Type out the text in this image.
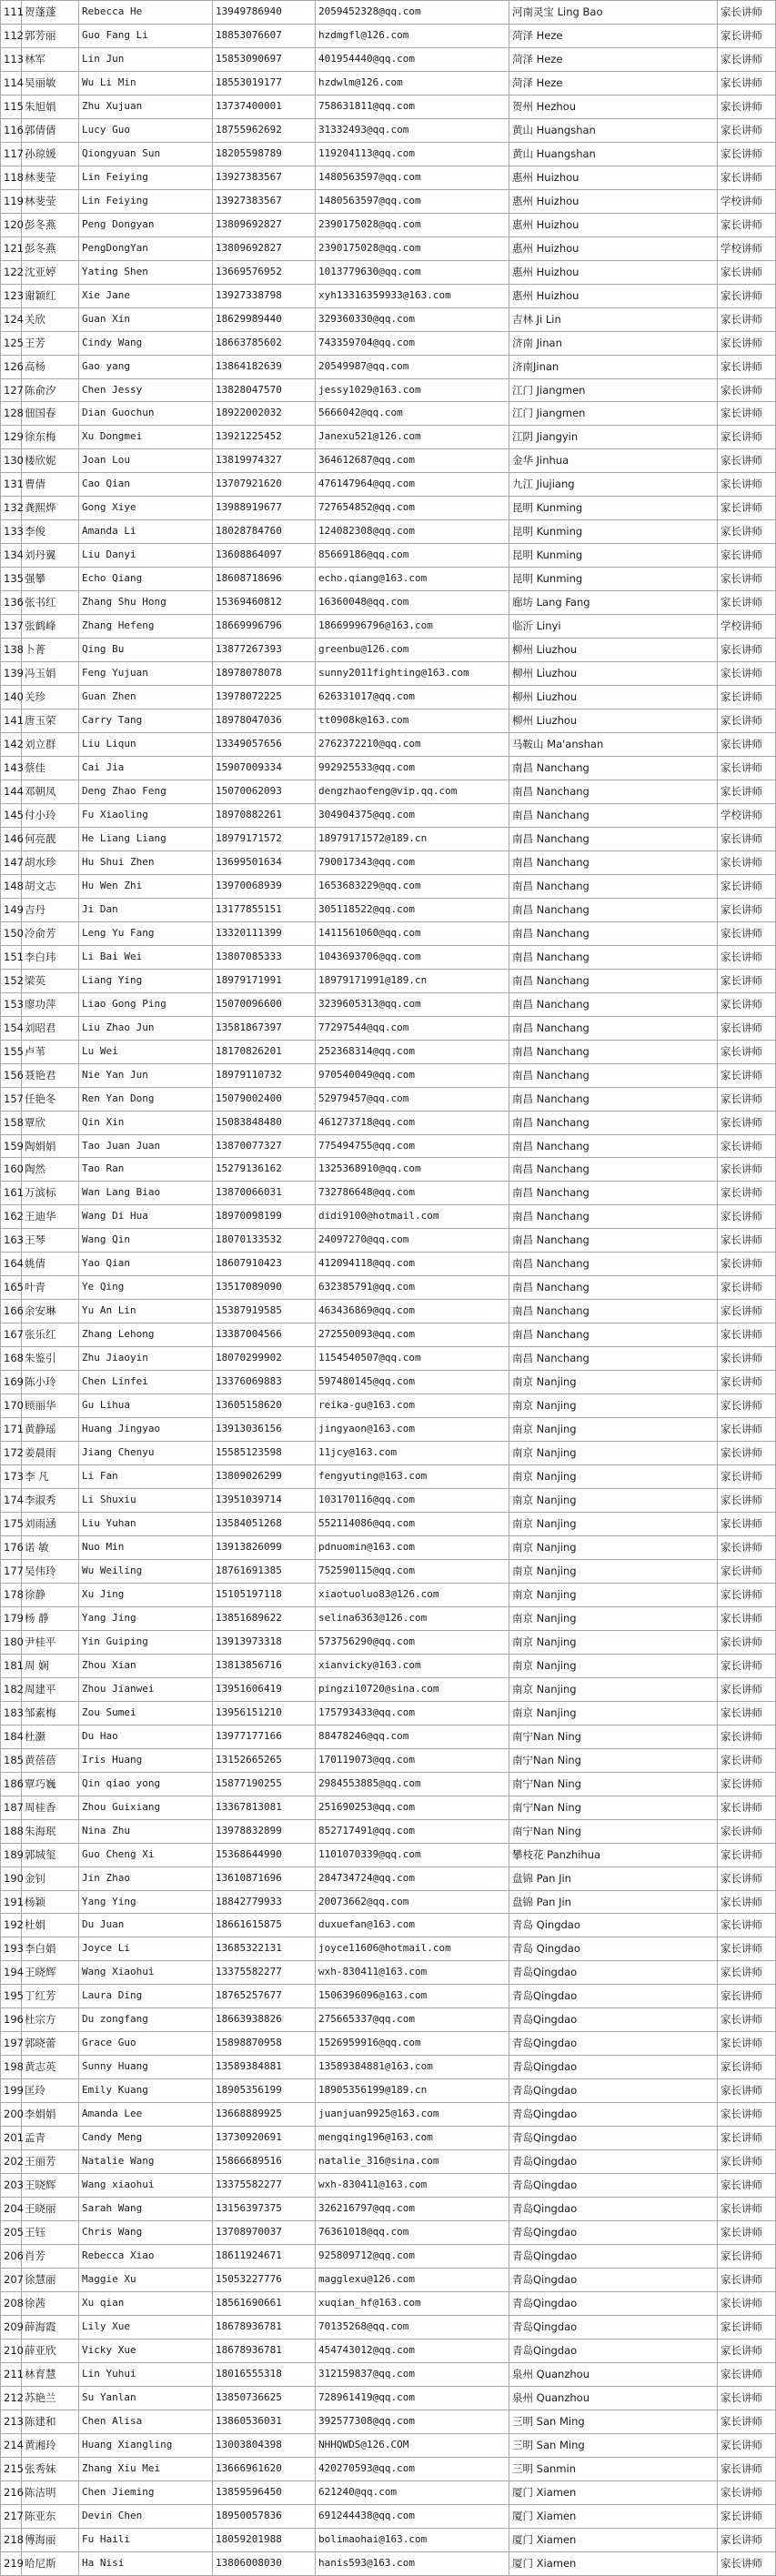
111	贺蓬蓬	Rebecca He	13949786940	2059452328@qq.com	河南灵宝 Ling Bao	家长讲师
112	郭芳丽	Guo Fang Li	18853076607	hzdmgfl@126.com	菏泽 Heze	家长讲师
113	林军	Lin Jun	15853090697	401954440@qq.com	菏泽 Heze	家长讲师
114	吴丽敏	Wu Li Min	18553019177	hzdwlm@126.com	菏泽 Heze	家长讲师
115	朱旭娟	Zhu Xujuan	13737400001	758631811@qq.com	贺州 Hezhou	家长讲师
116	郭倩倩	Lucy Guo	18755962692	31332493@qq.com	黄山 Huangshan	家长讲师
117	孙琼媛	Qiongyuan Sun	18205598789	119204113@qq.com	黄山 Huangshan	家长讲师
118	林斐莹	Lin Feiying	13927383567	1480563597@qq.com	惠州 Huizhou	家长讲师
119	林斐莹	Lin Feiying	13927383567	1480563597@qq.com	惠州 Huizhou	学校讲师
120	彭冬燕	Peng Dongyan	13809692827	2390175028@qq.com	惠州 Huizhou	家长讲师
121	彭冬燕	PengDongYan	13809692827	2390175028@qq.com	惠州 Huizhou	学校讲师
122	沈亚婷	Yating Shen	13669576952	1013779630@qq.com	惠州 Huizhou	家长讲师
123	谢颖红	Xie Jane	13927338798	xyh13316359933@163.com	惠州 Huizhou	家长讲师
124	关欣	Guan Xin	18629989440	329360330@qq.com	吉林 Ji Lin	家长讲师
125	王芳	Cindy Wang	18663785602	743359704@qq.com	济南 Jinan	家长讲师
126	高杨	Gao yang	13864182639	20549987@qq.com	济南Jinan	家长讲师
127	陈俞汐	Chen Jessy	13828047570	jessy1029@163.com	江门 Jiangmen	家长讲师
128	佃国春	Dian Guochun	18922002032	5666042@qq.com	江门 Jiangmen	家长讲师
129	徐东梅	Xu Dongmei	13921225452	Janexu521@126.com	江阴 Jiangyin	家长讲师
130	楼欣妮	Joan Lou	13819974327	364612687@qq.com	金华 Jinhua	家长讲师
131	曹倩	Cao Qian	13707921620	476147964@qq.com	九江 Jiujiang	家长讲师
132	龚熙烨	Gong Xiye	13988919677	727654852@qq.com	昆明 Kunming	家长讲师
133	李俊	Amanda Li	18028784760	124082308@qq.com	昆明 Kunming	家长讲师
134	刘丹翼	Liu Danyi	13608864097	85669186@qq.com	昆明 Kunming	家长讲师
135	强攀	Echo Qiang	18608718696	echo.qiang@163.com	昆明 Kunming	家长讲师
136	张书红	Zhang Shu Hong	15369460812	16360048@qq.com	廊坊 Lang Fang	家长讲师
137	张鹤峰	Zhang Hefeng	18669996796	18669996796@163.com	临沂 Linyi	学校讲师
138	卜菁	Qing Bu	13877267393	greenbu@126.com	柳州 Liuzhou	家长讲师
139	冯玉娟	Feng Yujuan	18978078078	sunny2011fighting@163.com	柳州 Liuzhou	家长讲师
140	关珍	Guan Zhen	13978072225	626331017@qq.com	柳州 Liuzhou	家长讲师
141	唐玉荣	Carry Tang	18978047036	tt0908k@163.com	柳州 Liuzhou	家长讲师
142	刘立群	Liu Liqun	13349057656	2762372210@qq.com	马鞍山 Ma'anshan	家长讲师
143	蔡佳	Cai Jia	15907009334	992925533@qq.com	南昌 Nanchang	家长讲师
144	邓朝凤	Deng Zhao Feng	15070062093	dengzhaofeng@vip.qq.com	南昌 Nanchang	家长讲师
145	付小玲	Fu Xiaoling	18970882261	304904375@qq.com	南昌 Nanchang	学校讲师
146	何亮靓	He Liang Liang	18979171572	18979171572@189.cn	南昌 Nanchang	家长讲师
147	胡水珍	Hu Shui Zhen	13699501634	790017343@qq.com	南昌 Nanchang	家长讲师
148	胡文志	Hu Wen Zhi	13970068939	1653683229@qq.com	南昌 Nanchang	家长讲师
149	吉丹	Ji Dan	13177855151	305118522@qq.com	南昌 Nanchang	家长讲师
150	冷俞芳	Leng Yu Fang	13320111399	1411561060@qq.com	南昌 Nanchang	家长讲师
151	李白玮	Li Bai Wei	13807085333	1043693706@qq.com	南昌 Nanchang	家长讲师
152	梁英	Liang Ying	18979171991	18979171991@189.cn	南昌 Nanchang	家长讲师
153	廖功萍	Liao Gong Ping	15070096600	3239605313@qq.com	南昌 Nanchang	家长讲师
154	刘昭君	Liu Zhao Jun	13581867397	77297544@qq.com	南昌 Nanchang	家长讲师
155	卢苇	Lu Wei	18170826201	252368314@qq.com	南昌 Nanchang	家长讲师
156	聂艳君	Nie Yan Jun	18979110732	970540049@qq.com	南昌 Nanchang	家长讲师
157	任艳冬	Ren Yan Dong	15079002400	52979457@qq.com	南昌 Nanchang	家长讲师
158	覃欣	Qin Xin	15083848480	461273718@qq.com	南昌 Nanchang	家长讲师
159	陶娟娟	Tao Juan Juan	13870077327	775494755@qq.com	南昌 Nanchang	家长讲师
160	陶然	Tao Ran	15279136162	1325368910@qq.com	南昌 Nanchang	家长讲师
161	万滨标	Wan Lang Biao	13870066031	732786648@qq.com	南昌 Nanchang	家长讲师
162	王迪华	Wang Di Hua	18970098199	didi9100@hotmail.com	南昌 Nanchang	家长讲师
163	王琴	Wang Qin	18070133532	24097270@qq.com	南昌 Nanchang	家长讲师
164	姚倩	Yao Qian	18607910423	412094118@qq.com	南昌 Nanchang	家长讲师
165	叶青	Ye Qing	13517089090	632385791@qq.com	南昌 Nanchang	家长讲师
166	余安琳	Yu An Lin	15387919585	463436869@qq.com	南昌 Nanchang	家长讲师
167	张乐红	Zhang Lehong	13387004566	272550093@qq.com	南昌 Nanchang	家长讲师
168	朱鉴引	Zhu Jiaoyin	18070299902	1154540507@qq.com	南昌 Nanchang	家长讲师
169	陈小玲	Chen Linfei	13376069883	597480145@qq.com	南京 Nanjing	家长讲师
170	顾丽华	Gu Lihua	13605158620	reika-gu@163.com	南京 Nanjing	家长讲师
171	黄静瑶	Huang Jingyao	13913036156	jingyaon@163.com	南京 Nanjing	家长讲师
172	姜晨雨	Jiang Chenyu	15585123598	11jcy@163.com	南京 Nanjing	家长讲师
173	李 凡	Li Fan	13809026299	fengyuting@163.com	南京 Nanjing	家长讲师
174	李淑秀	Li Shuxiu	13951039714	103170116@qq.com	南京 Nanjing	家长讲师
175	刘雨涵	Liu Yuhan	13584051268	552114086@qq.com	南京 Nanjing	家长讲师
176	诺 敏	Nuo Min	13913826099	pdnuomin@163.com	南京 Nanjing	家长讲师
177	吴伟玲	Wu Weiling	18761691385	752590115@qq.com	南京 Nanjing	家长讲师
178	徐静	Xu Jing	15105197118	xiaotuoluo83@126.com	南京 Nanjing	家长讲师
179	杨 静	Yang Jing	13851689622	selina6363@126.com	南京 Nanjing	家长讲师
180	尹桂平	Yin Guiping	13913973318	573756290@qq.com	南京 Nanjing	家长讲师
181	周 娴	Zhou Xian	13813856716	xianvicky@163.com	南京 Nanjing	家长讲师
182	周建平	Zhou Jianwei	13951606419	pingzi10720@sina.com	南京 Nanjing	家长讲师
183	邹素梅	Zou Sumei	13956151210	175793433@qq.com	南京 Nanjing	家长讲师
184	杜灏	Du Hao	13977177166	88478246@qq.com	南宁Nan Ning	家长讲师
185	黄蓓蓓	Iris Huang	13152665265	170119073@qq.com	南宁Nan Ning	家长讲师
186	覃巧巍	Qin qiao yong	15877190255	2984553885@qq.com	南宁Nan Ning	家长讲师
187	周桂香	Zhou Guixiang	13367813081	251690253@qq.com	南宁Nan Ning	家长讲师
188	朱海珉	Nina Zhu	13978832899	852717491@qq.com	南宁Nan Ning	家长讲师
189	郭城玺	Guo Cheng Xi	15368644990	1101070339@qq.com	攀枝花 Panzhihua	家长讲师
190	金钊	Jin Zhao	13610871696	284734724@qq.com	盘锦 Pan Jin	家长讲师
191	杨颖	Yang Ying	18842779933	20073662@qq.com	盘锦 Pan Jin	家长讲师
192	杜娟	Du Juan	18661615875	duxuefan@163.com	青岛 Qingdao	家长讲师
193	李白娟	Joyce Li	13685322131	joyce11606@hotmail.com	青岛 Qingdao	家长讲师
194	王晓辉	Wang Xiaohui	13375582277	wxh-830411@163.com	青岛Qingdao	家长讲师
195	丁红芳	Laura Ding	18765257677	1506396096@163.com	青岛Qingdao	家长讲师
196	杜宗方	Du zongfang	18663938826	275665337@qq.com	青岛Qingdao	家长讲师
197	郭晓蕾	Grace Guo	15898870958	1526959916@qq.com	青岛Qingdao	家长讲师
198	黄志英	Sunny Huang	13589384881	13589384881@163.com	青岛Qingdao	家长讲师
199	匡玲	Emily Kuang	18905356199	18905356199@189.cn	青岛Qingdao	家长讲师
200	李娟娟	Amanda Lee	13668889925	juanjuan9925@163.com	青岛Qingdao	家长讲师
201	孟青	Candy Meng	13730920691	mengqing196@163.com	青岛Qingdao	家长讲师
202	王丽芳	Natalie Wang	15866689516	natalie_316@sina.com	青岛Qingdao	家长讲师
203	王晓辉	Wang xiaohui	13375582277	wxh-830411@163.com	青岛Qingdao	家长讲师
204	王晓丽	Sarah Wang	13156397375	326216797@qq.com	青岛Qingdao	家长讲师
205	王钰	Chris Wang	13708970037	76361018@qq.com	青岛Qingdao	家长讲师
206	肖芳	Rebecca Xiao	18611924671	925809712@qq.com	青岛Qingdao	家长讲师
207	徐慧丽	Maggie Xu	15053227776	magglexu@126.com	青岛Qingdao	家长讲师
208	徐茜	Xu qian	18561690661	xuqian_hf@163.com	青岛Qingdao	家长讲师
209	薛海霞	Lily Xue	18678936781	70135268@qq.com	青岛Qingdao	家长讲师
210	薛亚欣	Vicky Xue	18678936781	454743012@qq.com	青岛Qingdao	家长讲师
211	林育慧	Lin Yuhui	18016555318	312159837@qq.com	泉州 Quanzhou	家长讲师
212	苏艳兰	Su Yanlan	13850736625	728961419@qq.com	泉州 Quanzhou	家长讲师
213	陈建和	Chen Alisa	13860536031	392577308@qq.com	三明 San Ming	家长讲师
214	黄湘玲	Huang Xiangling	13003804398	NHHQWDS@126.COM	三明 San Ming	家长讲师
215	张秀妹	Zhang Xiu Mei	13666961620	420270593@qq.com	三明 Sanmin	家长讲师
216	陈洁明	Chen Jieming	13859596450	621240@qq.com	厦门 Xiamen	家长讲师
217	陈亚东	Devin Chen	18950057836	691244438@qq.com	厦门 Xiamen	家长讲师
218	傅海丽	Fu Haili	18059201988	bolimaohai@163.com	厦门 Xiamen	家长讲师
219	哈尼斯	Ha Nisi	13806008030	hanis593@163.com	厦门 Xiamen	家长讲师
